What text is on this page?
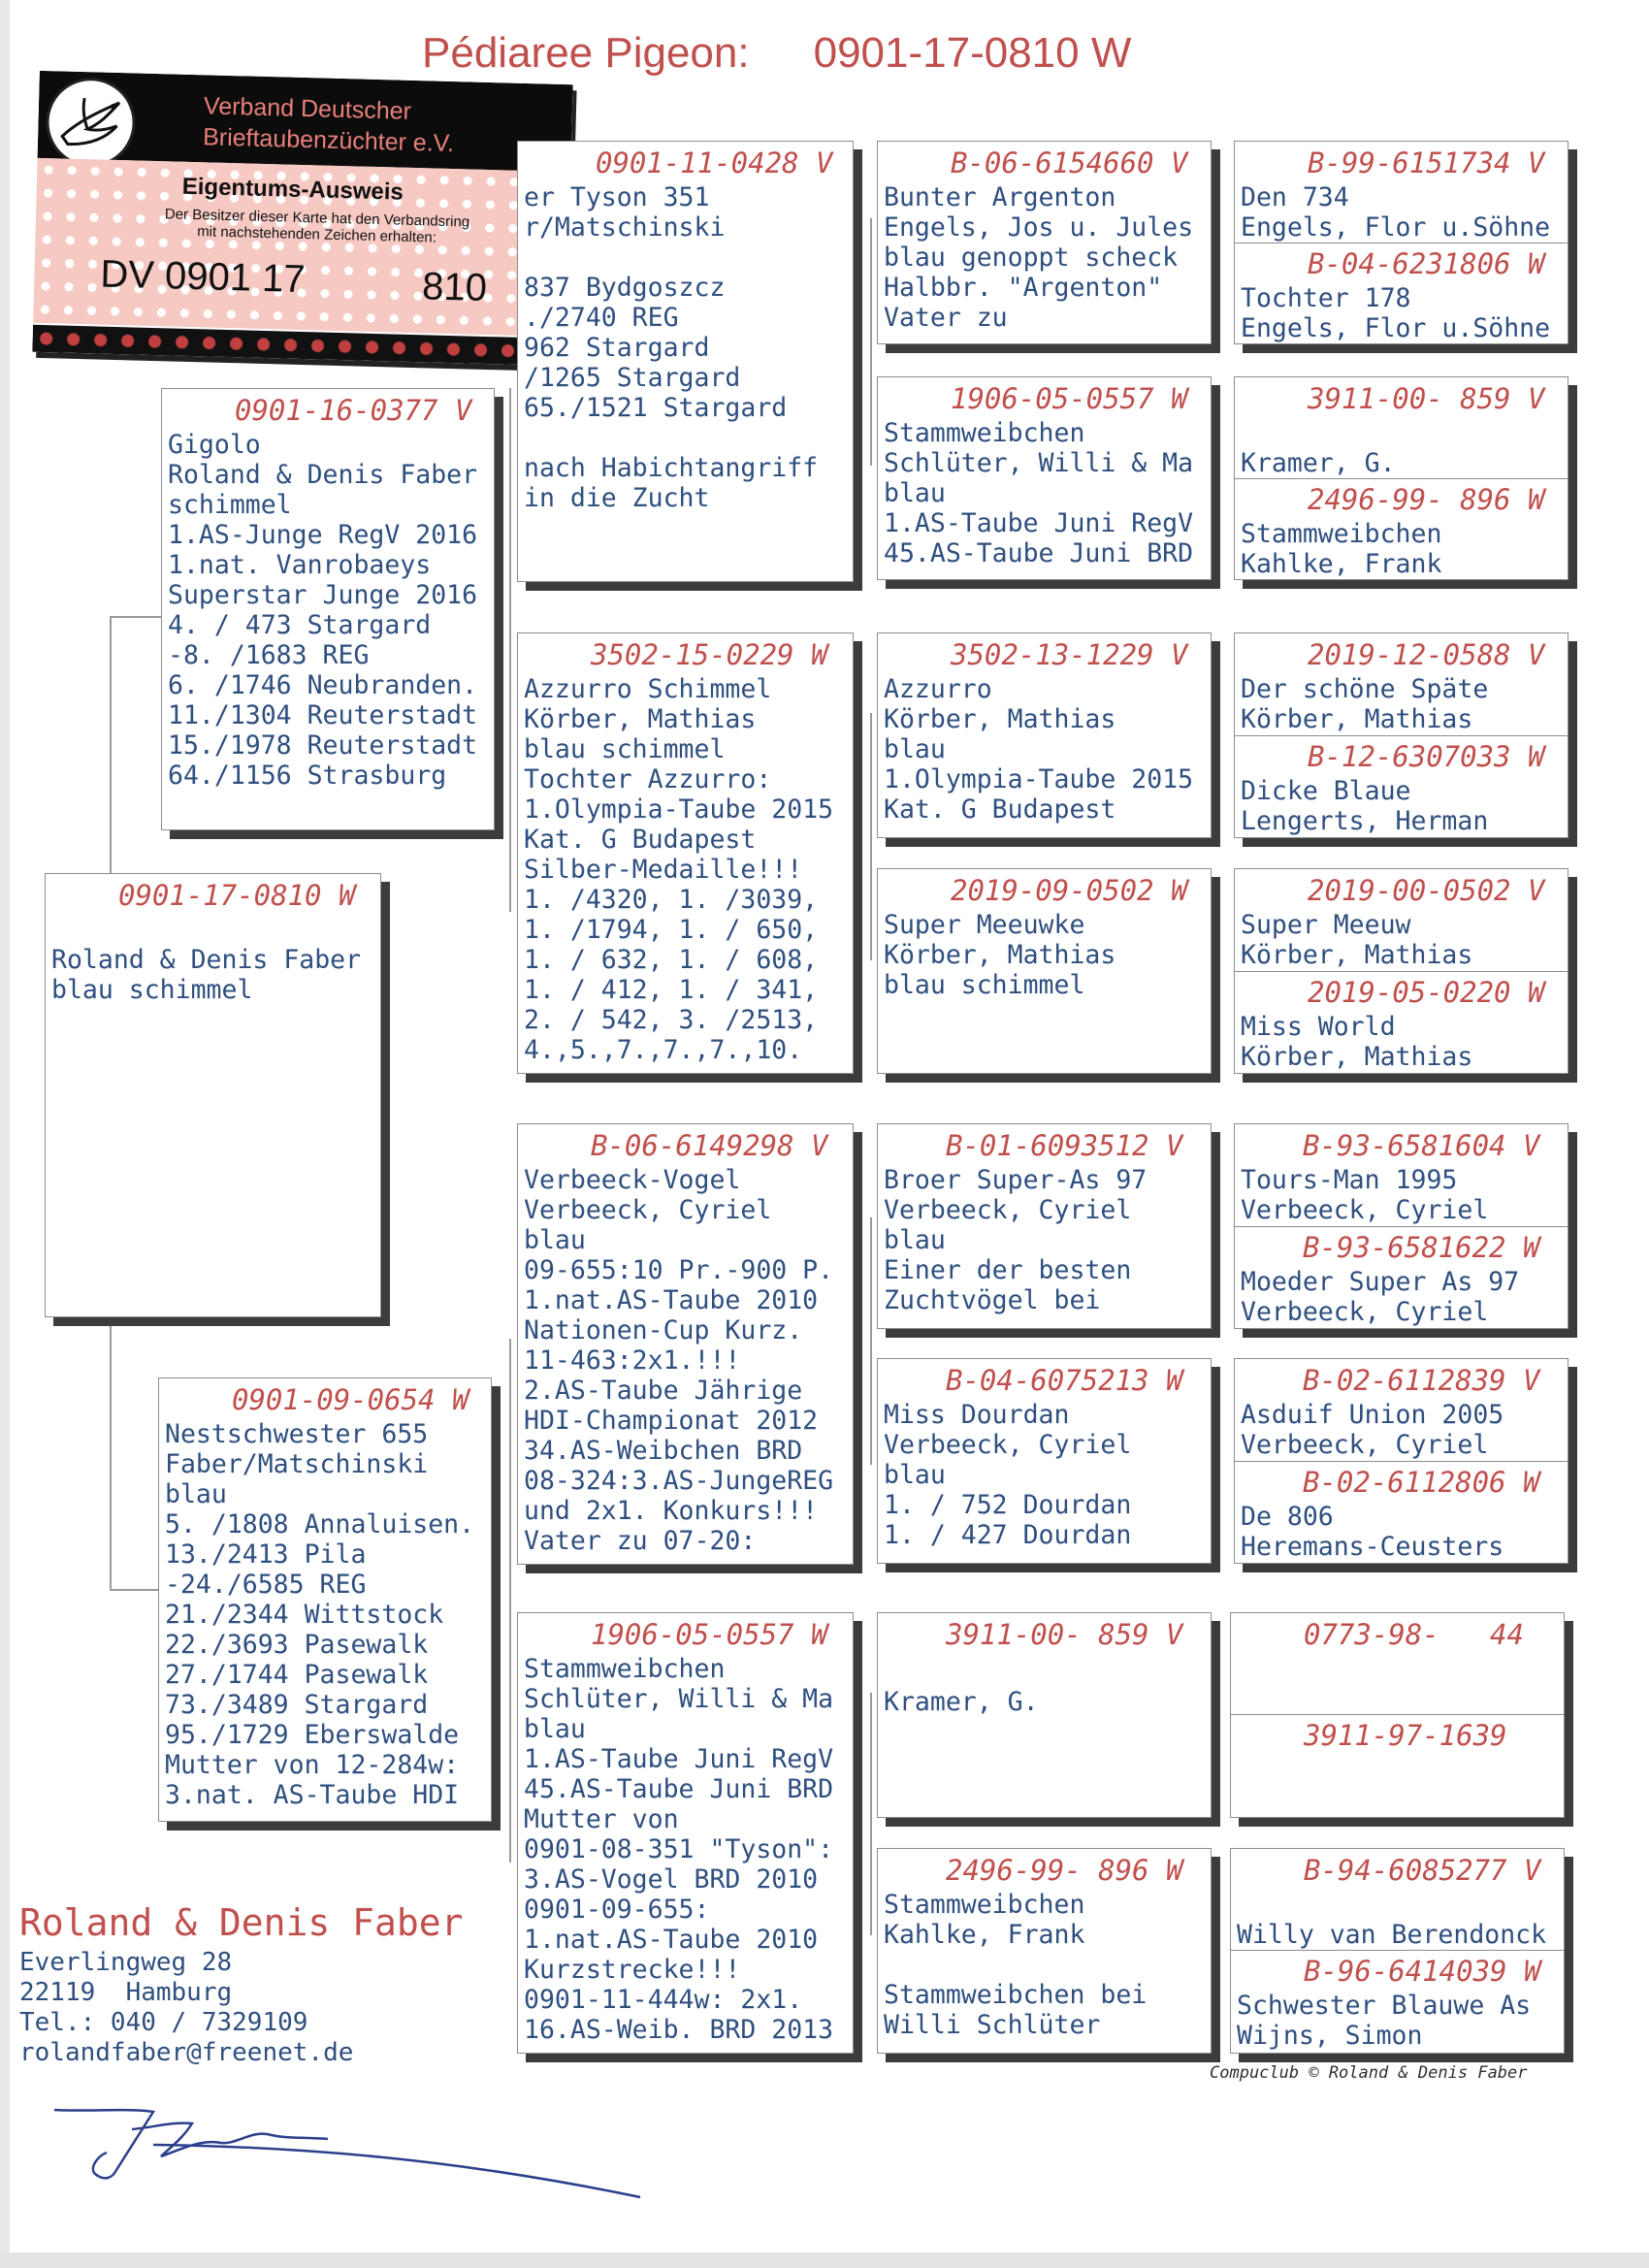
Pédiaree Pigeon: 0901-17-0810 W
0901-17-0810 W

Roland & Denis Faber
blau schimmel
0901-16-0377 V
Gigolo
Roland & Denis Faber
schimmel
1.AS-Junge RegV 2016
1.nat. Vanrobaeys
Superstar Junge 2016
4. / 473 Stargard
-8. /1683 REG
6. /1746 Neubranden.
11./1304 Reuterstadt
15./1978 Reuterstadt
64./1156 Strasburg
0901-09-0654 W
Nestschwester 655
Faber/Matschinski
blau
5. /1808 Annaluisen.
13./2413 Pila
-24./6585 REG
21./2344 Wittstock
22./3693 Pasewalk
27./1744 Pasewalk
73./3489 Stargard
95./1729 Eberswalde
Mutter von 12-284w:
3.nat. AS-Taube HDI
Verband Deutscher
Brieftaubenzüchter e.V.
Eigentums-Ausweis
Der Besitzer dieser Karte hat den Verbandsring
mit nachstehenden Zeichen erhalten:
DV 0901 17	810
0901-11-0428 V
er Tyson 351
r/Matschinski

837 Bydgoszcz
./2740 REG
962 Stargard
/1265 Stargard
65./1521 Stargard

nach Habichtangriff
in die Zucht
3502-15-0229 W
Azzurro Schimmel
Körber, Mathias
blau schimmel
Tochter Azzurro:
1.Olympia-Taube 2015
Kat. G Budapest
Silber-Medaille!!!
1. /4320, 1. /3039,
1. /1794, 1. / 650,
1. / 632, 1. / 608,
1. / 412, 1. / 341,
2. / 542, 3. /2513,
4.,5.,7.,7.,7.,10.
B-06-6149298 V
Verbeeck-Vogel
Verbeeck, Cyriel
blau
09-655:10 Pr.-900 P.
1.nat.AS-Taube 2010
Nationen-Cup Kurz.
11-463:2x1.!!!
2.AS-Taube Jährige
HDI-Championat 2012
34.AS-Weibchen BRD
08-324:3.AS-JungeREG
und 2x1. Konkurs!!!
Vater zu 07-20:
1906-05-0557 W
Stammweibchen
Schlüter, Willi & Ma
blau
1.AS-Taube Juni RegV
45.AS-Taube Juni BRD
Mutter von
0901-08-351 "Tyson":
3.AS-Vogel BRD 2010
0901-09-655:
1.nat.AS-Taube 2010
Kurzstrecke!!!
0901-11-444w: 2x1.
16.AS-Weib. BRD 2013
B-06-6154660 V
Bunter Argenton
Engels, Jos u. Jules
blau genoppt scheck
Halbbr. "Argenton"
Vater zu
1906-05-0557 W
Stammweibchen
Schlüter, Willi & Ma
blau
1.AS-Taube Juni RegV
45.AS-Taube Juni BRD
3502-13-1229 V
Azzurro
Körber, Mathias
blau
1.Olympia-Taube 2015
Kat. G Budapest
2019-09-0502 W
Super Meeuwke
Körber, Mathias
blau schimmel
B-01-6093512 V
Broer Super-As 97
Verbeeck, Cyriel
blau
Einer der besten
Zuchtvögel bei
B-04-6075213 W
Miss Dourdan
Verbeeck, Cyriel
blau
1. / 752 Dourdan
1. / 427 Dourdan
3911-00- 859 V
Kramer, G.
2496-99- 896 W
Stammweibchen
Kahlke, Frank

Stammweibchen bei
Willi Schlüter
B-99-6151734 V
Den 734
Engels, Flor u.Söhne
B-04-6231806 W
Tochter 178
Engels, Flor u.Söhne
3911-00- 859 V

Kramer, G.
2496-99- 896 W
Stammweibchen
Kahlke, Frank
2019-12-0588 V
Der schöne Späte
Körber, Mathias
B-12-6307033 W
Dicke Blaue
Lengerts, Herman
2019-00-0502 V
Super Meeuw
Körber, Mathias
2019-05-0220 W
Miss World
Körber, Mathias
B-93-6581604 V
Tours-Man 1995
Verbeeck, Cyriel
B-93-6581622 W
Moeder Super As 97
Verbeeck, Cyriel
B-02-6112839 V
Asduif Union 2005
Verbeeck, Cyriel
B-02-6112806 W
De 806
Heremans-Ceusters
0773-98-   44
3911-97-1639
B-94-6085277 V

Willy van Berendonck
B-96-6414039 W
Schwester Blauwe As
Wijns, Simon
Roland & Denis Faber
Everlingweg 28
22119  Hamburg
Tel.: 040 / 7329109
rolandfaber@freenet.de
Compuclub © Roland & Denis Faber
